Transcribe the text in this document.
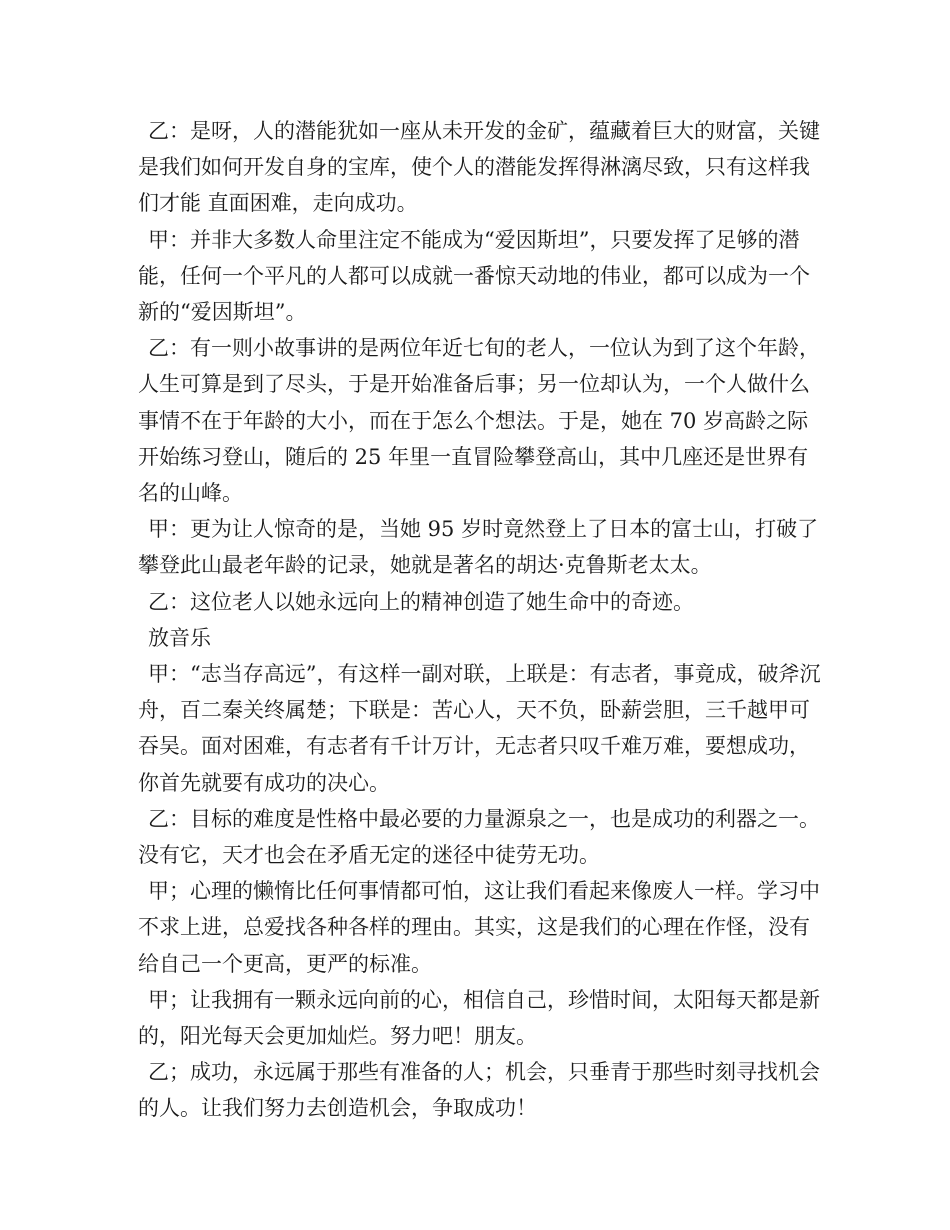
乙：是呀，人的潜能犹如一座从未开发的金矿，蕴藏着巨大的财富，关键是我们如何开发自身的宝库，使个人的潜能发挥得淋漓尽致，只有这样我们才能 直面困难，走向成功。

甲：并非大多数人命里注定不能成为“爱因斯坦”，只要发挥了足够的潜能，任何一个平凡的人都可以成就一番惊天动地的伟业，都可以成为一个新的“爱因斯坦”。

乙：有一则小故事讲的是两位年近七旬的老人，一位认为到了这个年龄，人生可算是到了尽头，于是开始准备后事；另一位却认为，一个人做什么事情不在于年龄的大小，而在于怎么个想法。于是，她在 70 岁高龄之际开始练习登山，随后的 25 年里一直冒险攀登高山，其中几座还是世界有名的山峰。

甲：更为让人惊奇的是，当她 95 岁时竟然登上了日本的富士山，打破了攀登此山最老年龄的记录，她就是著名的胡达·克鲁斯老太太。

乙：这位老人以她永远向上的精神创造了她生命中的奇迹。

放音乐

甲：“志当存高远”，有这样一副对联，上联是：有志者，事竟成，破斧沉舟，百二秦关终属楚；下联是：苦心人，天不负，卧薪尝胆，三千越甲可吞吴。面对困难，有志者有千计万计，无志者只叹千难万难，要想成功，你首先就要有成功的决心。

乙：目标的难度是性格中最必要的力量源泉之一，也是成功的利器之一。没有它，天才也会在矛盾无定的迷径中徒劳无功。

甲；心理的懒惰比任何事情都可怕，这让我们看起来像废人一样。学习中不求上进，总爱找各种各样的理由。其实，这是我们的心理在作怪，没有给自己一个更高，更严的标准。

甲；让我拥有一颗永远向前的心，相信自己，珍惜时间，太阳每天都是新的，阳光每天会更加灿烂。努力吧！朋友。

乙；成功，永远属于那些有准备的人；机会，只垂青于那些时刻寻找机会的人。让我们努力去创造机会，争取成功！
